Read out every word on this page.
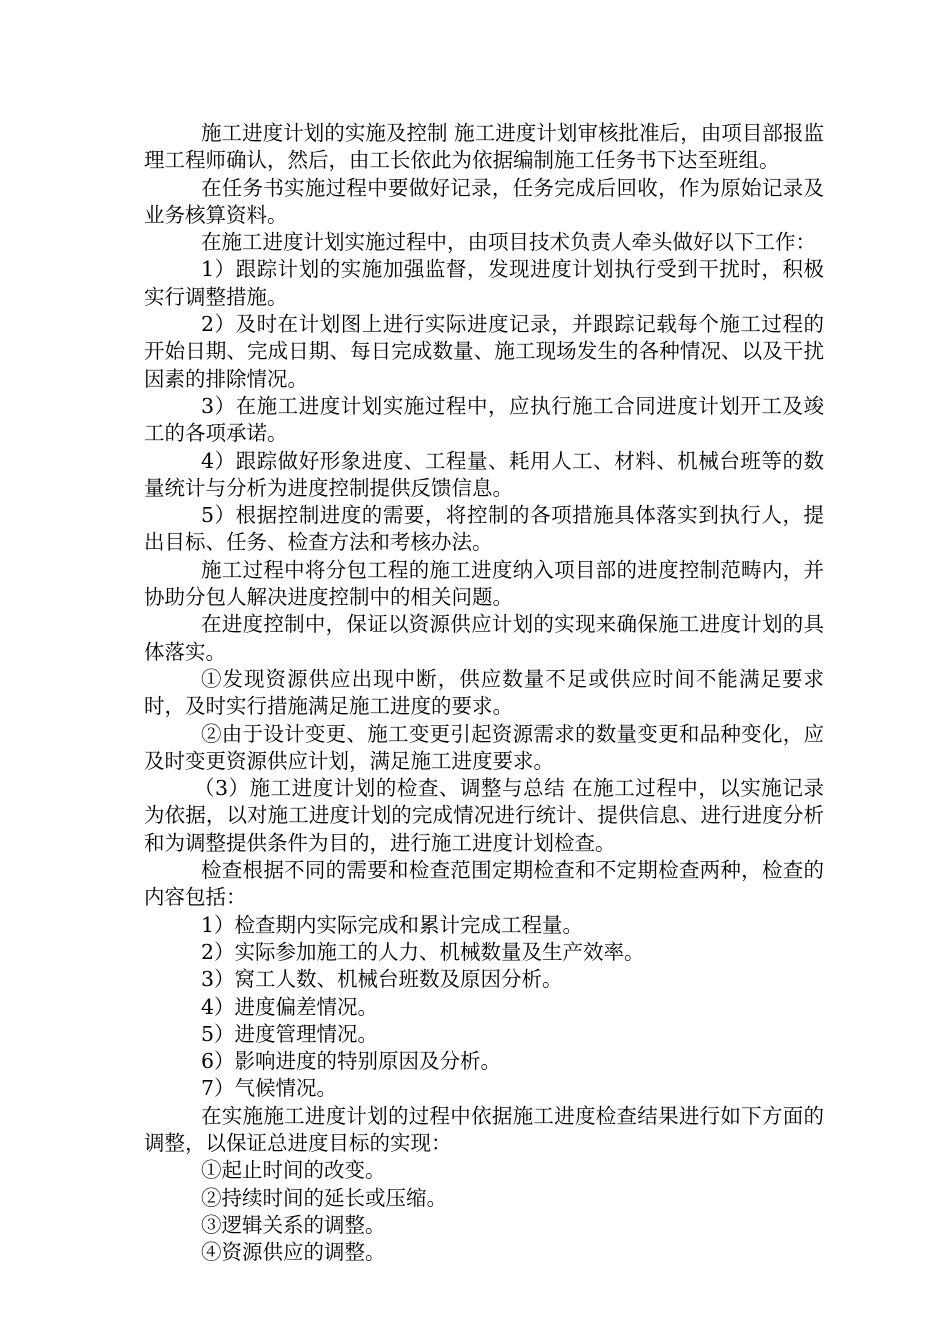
施工进度计划的实施及控制 施工进度计划审核批准后，由项目部报监理工程师确认，然后，由工长依此为依据编制施工任务书下达至班组。

在任务书实施过程中要做好记录，任务完成后回收，作为原始记录及业务核算资料。

在施工进度计划实施过程中，由项目技术负责人牵头做好以下工作：

1）跟踪计划的实施加强监督，发现进度计划执行受到干扰时，积极实行调整措施。

2）及时在计划图上进行实际进度记录，并跟踪记载每个施工过程的开始日期、完成日期、每日完成数量、施工现场发生的各种情况、以及干扰因素的排除情况。

3）在施工进度计划实施过程中，应执行施工合同进度计划开工及竣工的各项承诺。

4）跟踪做好形象进度、工程量、耗用人工、材料、机械台班等的数量统计与分析为进度控制提供反馈信息。

5）根据控制进度的需要，将控制的各项措施具体落实到执行人，提出目标、任务、检查方法和考核办法。

施工过程中将分包工程的施工进度纳入项目部的进度控制范畴内，并协助分包人解决进度控制中的相关问题。

在进度控制中，保证以资源供应计划的实现来确保施工进度计划的具体落实。

①发现资源供应出现中断，供应数量不足或供应时间不能满足要求时，及时实行措施满足施工进度的要求。

②由于设计变更、施工变更引起资源需求的数量变更和品种变化，应及时变更资源供应计划，满足施工进度要求。

（3）施工进度计划的检查、调整与总结 在施工过程中，以实施记录为依据，以对施工进度计划的完成情况进行统计、提供信息、进行进度分析和为调整提供条件为目的，进行施工进度计划检查。

检查根据不同的需要和检查范围定期检查和不定期检查两种，检查的内容包括：

1）检查期内实际完成和累计完成工程量。

2）实际参加施工的人力、机械数量及生产效率。

3）窝工人数、机械台班数及原因分析。

4）进度偏差情况。

5）进度管理情况。

6）影响进度的特别原因及分析。

7）气候情况。

在实施施工进度计划的过程中依据施工进度检查结果进行如下方面的调整，以保证总进度目标的实现：

①起止时间的改变。

②持续时间的延长或压缩。

③逻辑关系的调整。

④资源供应的调整。
